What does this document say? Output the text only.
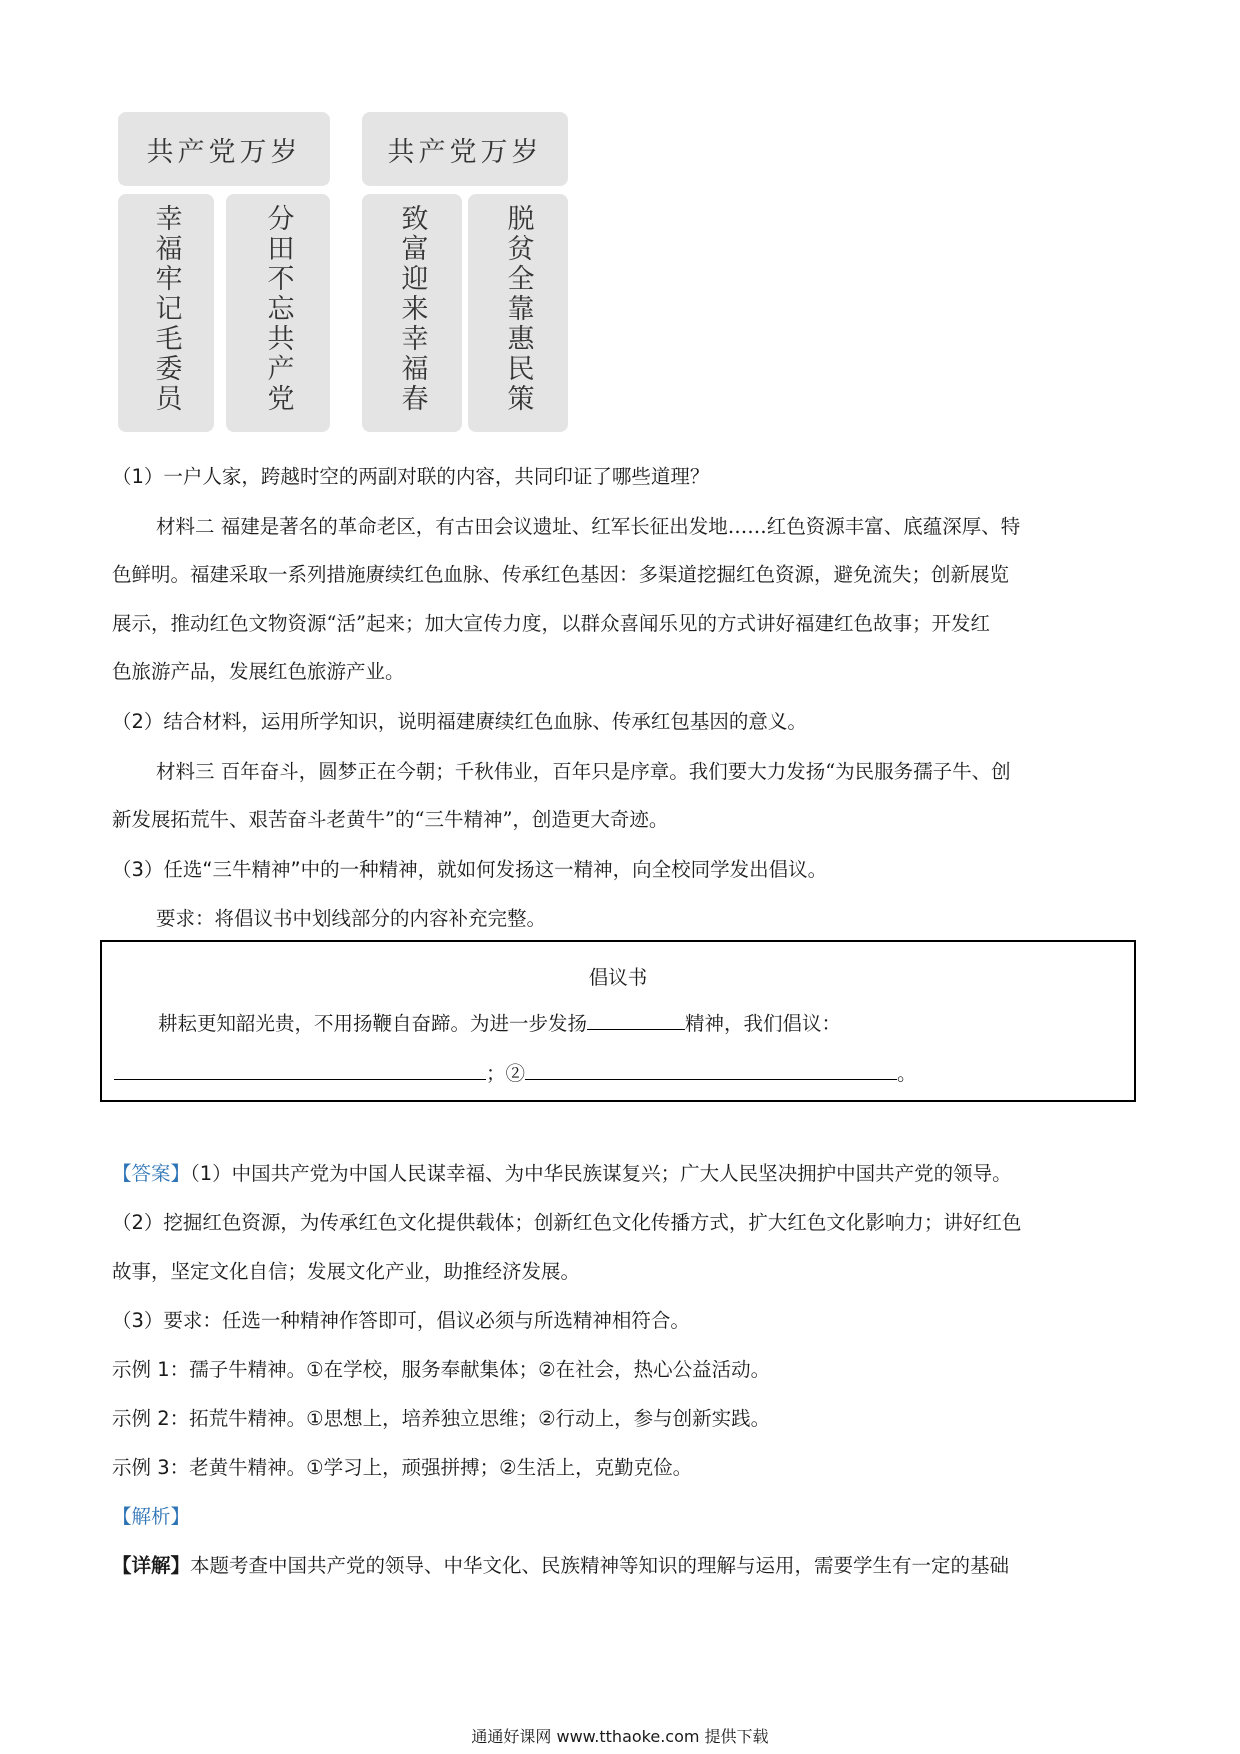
共产党万岁
幸福牢记毛委员	分田不忘共产党
共产党万岁
致富迎来幸福春	脱贫全靠惠民策
（1）一户人家，跨越时空的两副对联的内容，共同印证了哪些道理？
材料二 福建是著名的革命老区，有古田会议遗址、红军长征出发地……红色资源丰富、底蕴深厚、特
色鲜明。福建采取一系列措施赓续红色血脉、传承红色基因：多渠道挖掘红色资源，避免流失；创新展览
展示，推动红色文物资源“活”起来；加大宣传力度，以群众喜闻乐见的方式讲好福建红色故事；开发红
色旅游产品，发展红色旅游产业。
（2）结合材料，运用所学知识，说明福建赓续红色血脉、传承红包基因的意义。
材料三 百年奋斗，圆梦正在今朝；千秋伟业，百年只是序章。我们要大力发扬“为民服务孺子牛、创
新发展拓荒牛、艰苦奋斗老黄牛”的“三牛精神”，创造更大奇迹。
（3）任选“三牛精神”中的一种精神，就如何发扬这一精神，向全校同学发出倡议。
要求：将倡议书中划线部分的内容补充完整。
倡议书
耕耘更知韶光贵，不用扬鞭自奋蹄。为进一步发扬	精神，我们倡议：
；②	。
【答案】（1）中国共产党为中国人民谋幸福、为中华民族谋复兴；广大人民坚决拥护中国共产党的领导。
（2）挖掘红色资源，为传承红色文化提供载体；创新红色文化传播方式，扩大红色文化影响力；讲好红色
故事，坚定文化自信；发展文化产业，助推经济发展。
（3）要求：任选一种精神作答即可，倡议必须与所选精神相符合。
示例 1：孺子牛精神。①在学校，服务奉献集体；②在社会，热心公益活动。
示例 2：拓荒牛精神。①思想上，培养独立思维；②行动上，参与创新实践。
示例 3：老黄牛精神。①学习上，顽强拼搏；②生活上，克勤克俭。
【解析】
【详解】本题考查中国共产党的领导、中华文化、民族精神等知识的理解与运用，需要学生有一定的基础
通通好课网 www.tthaoke.com 提供下载
